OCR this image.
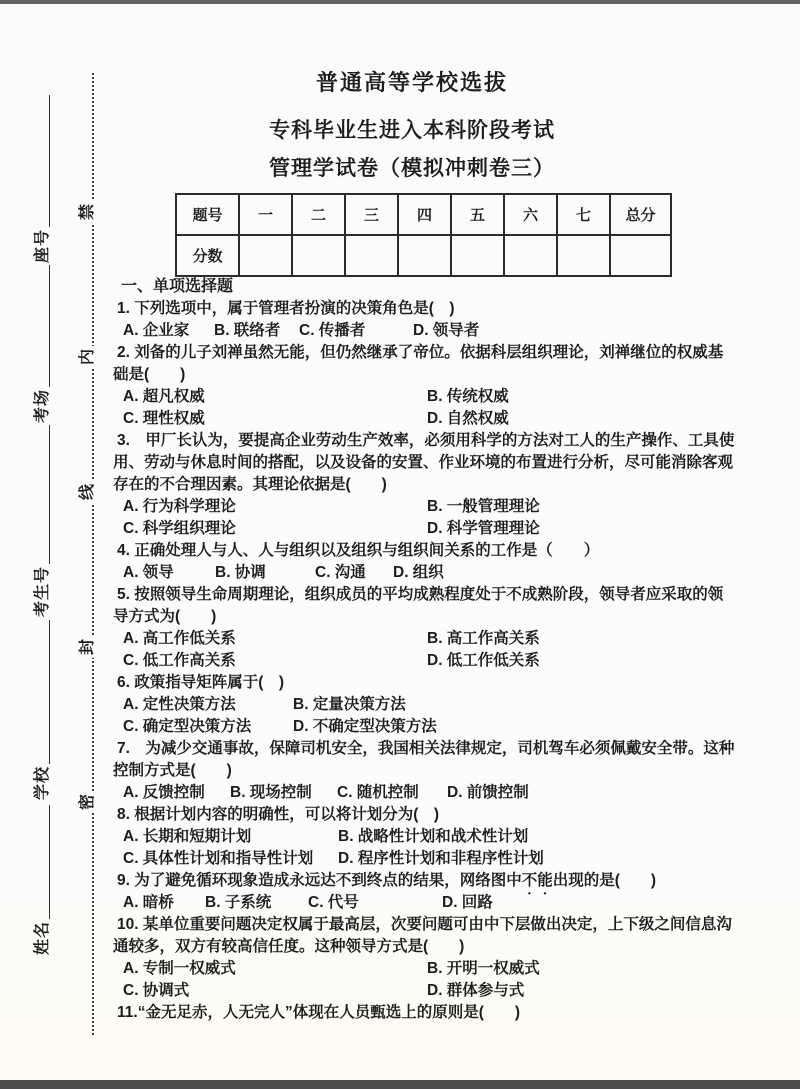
座号
考场
考生号
学校
姓名
禁
内
线
封
密
普通高等学校选拔
专科毕业生进入本科阶段考试
管理学试卷（模拟冲刺卷三）
题号	一	二	三	四	五	六	七	总分
分数								
一、单项选择题
1. 下列选项中，属于管理者扮演的决策角色是(　)
A. 企业家	B. 联络者	C. 传播者	D. 领导者
2. 刘备的儿子刘禅虽然无能，但仍然继承了帝位。依据科层组织理论，刘禅继位的权威基
础是(　　)
A. 超凡权威	B. 传统权威
C. 理性权威	D. 自然权威
3.　甲厂长认为，要提高企业劳动生产效率，必须用科学的方法对工人的生产操作、工具使
用、劳动与休息时间的搭配，以及设备的安置、作业环境的布置进行分析，尽可能消除客观
存在的不合理因素。其理论依据是(　　)
A. 行为科学理论	B. 一般管理理论
C. 科学组织理论	D. 科学管理理论
4. 正确处理人与人、人与组织以及组织与组织间关系的工作是（　　）
A. 领导	B. 协调	C. 沟通	D. 组织
5. 按照领导生命周期理论，组织成员的平均成熟程度处于不成熟阶段，领导者应采取的领
导方式为(　　)
A. 高工作低关系	B. 高工作高关系
C. 低工作高关系	D. 低工作低关系
6. 政策指导矩阵属于(　)
A. 定性决策方法	B. 定量决策方法
C. 确定型决策方法	D. 不确定型决策方法
7.　为减少交通事故，保障司机安全，我国相关法律规定，司机驾车必须佩戴安全带。这种
控制方式是(　　)
A. 反馈控制	B. 现场控制	C. 随机控制	D. 前馈控制
8. 根据计划内容的明确性，可以将计划分为(　)
A. 长期和短期计划	B. 战略性计划和战术性计划
C. 具体性计划和指导性计划	D. 程序性计划和非程序性计划
9. 为了避免循环现象造成永远达不到终点的结果，网络图中不能出现的是(　　)
A. 暗桥	B. 子系统	C. 代号	D. 回路
10. 某单位重要问题决定权属于最高层，次要问题可由中下层做出决定，上下级之间信息沟
通较多，双方有较高信任度。这种领导方式是(　　)
A. 专制一权威式	B. 开明一权威式
C. 协调式	D. 群体参与式
11.“金无足赤，人无完人”体现在人员甄选上的原则是(　　)
